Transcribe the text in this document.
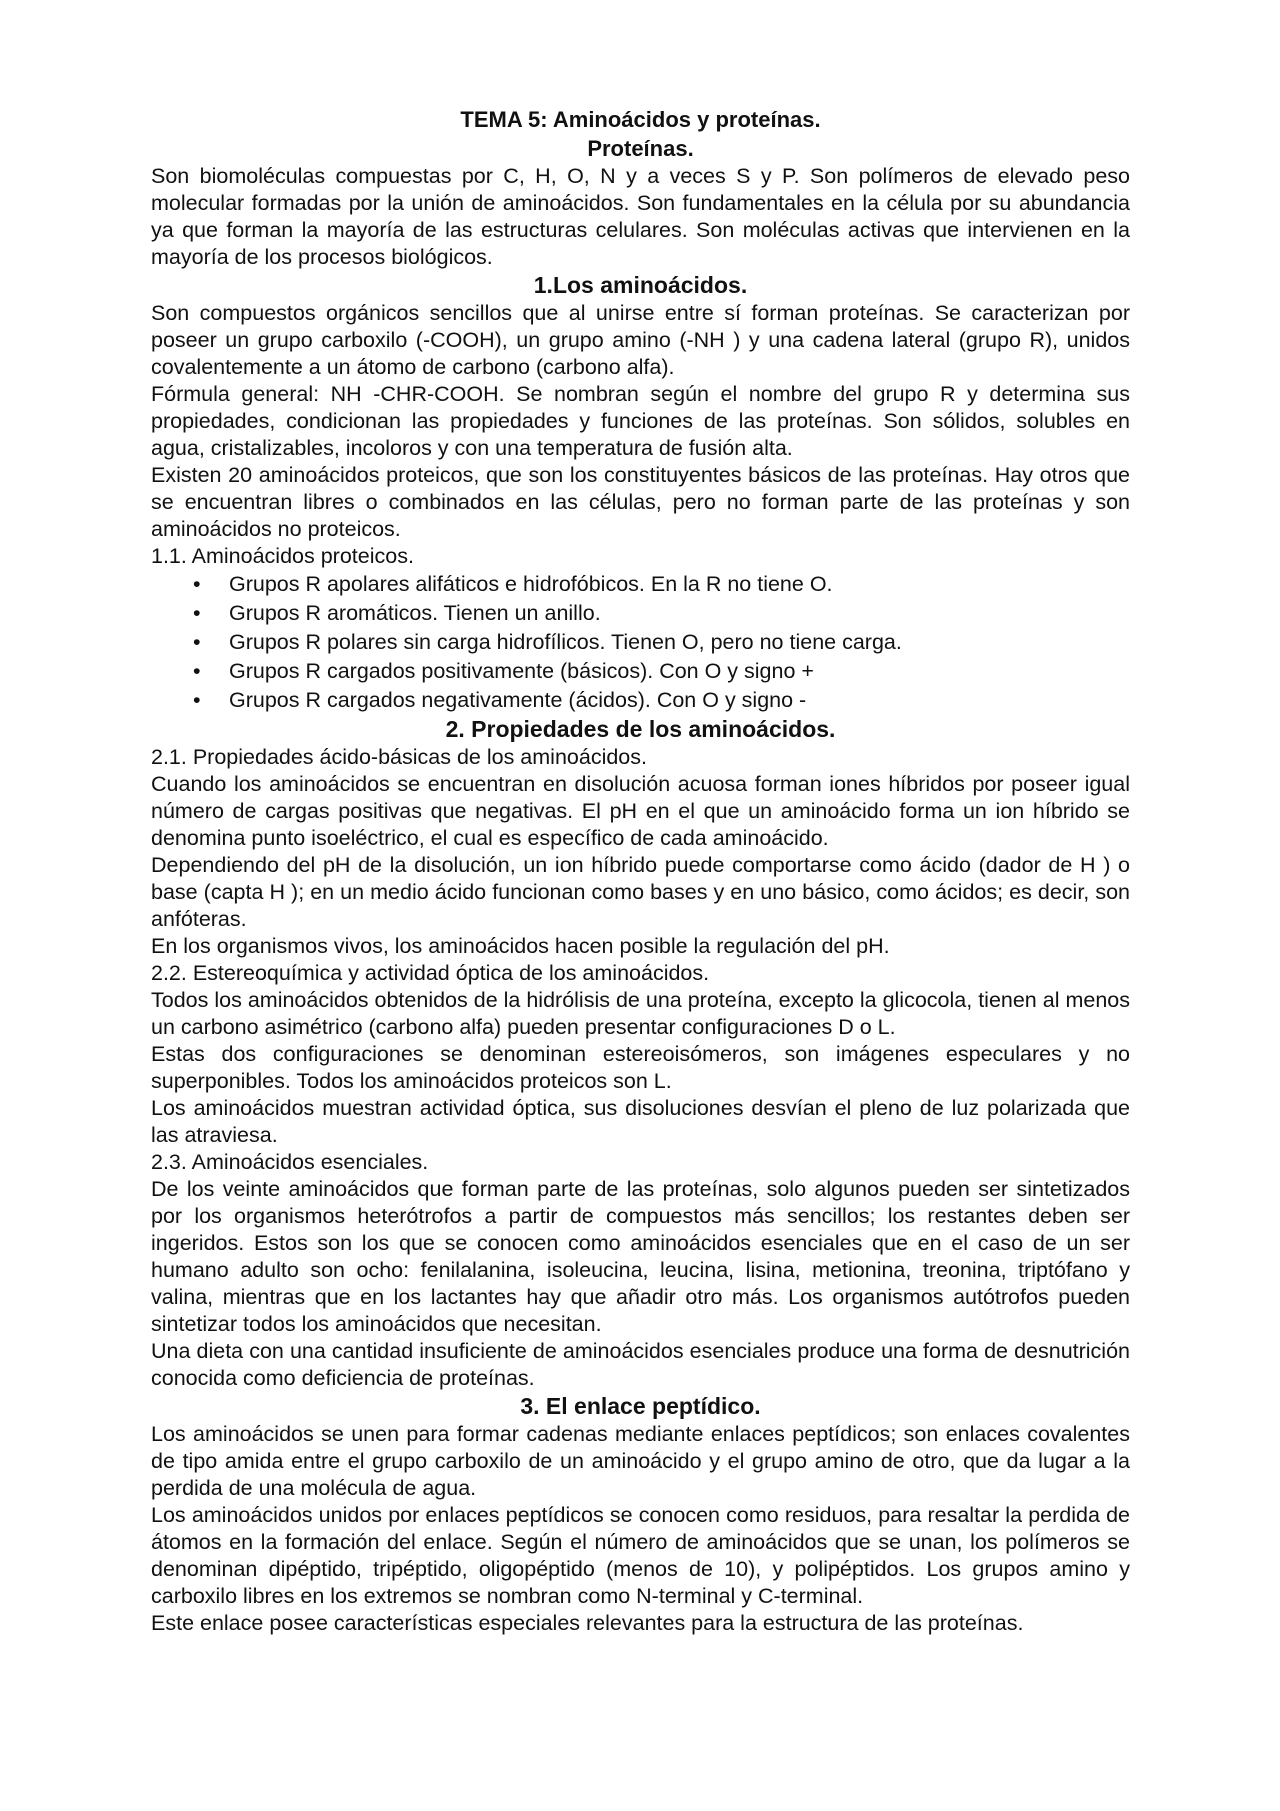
TEMA 5: Aminoácidos y proteínas.
Proteínas.

Son biomoléculas compuestas por C, H, O, N y a veces S y P. Son polímeros de elevado peso molecular formadas por la unión de aminoácidos. Son fundamentales en la célula por su abundancia ya que forman la mayoría de las estructuras celulares. Son moléculas activas que intervienen en la mayoría de los procesos biológicos.

1.Los aminoácidos.

Son compuestos orgánicos sencillos que al unirse entre sí forman proteínas. Se caracterizan por poseer un grupo carboxilo (-COOH), un grupo amino (-NH ) y una cadena lateral (grupo R), unidos covalentemente a un átomo de carbono (carbono alfa).

Fórmula general: NH -CHR-COOH. Se nombran según el nombre del grupo R y determina sus propiedades, condicionan las propiedades y funciones de las proteínas. Son sólidos, solubles en agua, cristalizables, incoloros y con una temperatura de fusión alta.

Existen 20 aminoácidos proteicos, que son los constituyentes básicos de las proteínas. Hay otros que se encuentran libres o combinados en las células, pero no forman parte de las proteínas y son aminoácidos no proteicos.

1.1. Aminoácidos proteicos.

• Grupos R apolares alifáticos e hidrofóbicos. En la R no tiene O.
• Grupos R aromáticos. Tienen un anillo.
• Grupos R polares sin carga hidrofílicos. Tienen O, pero no tiene carga.
• Grupos R cargados positivamente (básicos). Con O y signo +
• Grupos R cargados negativamente (ácidos). Con O y signo -
2. Propiedades de los aminoácidos.

2.1. Propiedades ácido-básicas de los aminoácidos.

Cuando los aminoácidos se encuentran en disolución acuosa forman iones híbridos por poseer igual número de cargas positivas que negativas. El pH en el que un aminoácido forma un ion híbrido se denomina punto isoeléctrico, el cual es específico de cada aminoácido.

Dependiendo del pH de la disolución, un ion híbrido puede comportarse como ácido (dador de H ) o base (capta H ); en un medio ácido funcionan como bases y en uno básico, como ácidos; es decir, son anfóteras.

En los organismos vivos, los aminoácidos hacen posible la regulación del pH.

2.2. Estereoquímica y actividad óptica de los aminoácidos.

Todos los aminoácidos obtenidos de la hidrólisis de una proteína, excepto la glicocola, tienen al menos un carbono asimétrico (carbono alfa) pueden presentar configuraciones D o L.

Estas dos configuraciones se denominan estereoisómeros, son imágenes especulares y no superponibles. Todos los aminoácidos proteicos son L.

Los aminoácidos muestran actividad óptica, sus disoluciones desvían el pleno de luz polarizada que las atraviesa.

2.3. Aminoácidos esenciales.

De los veinte aminoácidos que forman parte de las proteínas, solo algunos pueden ser sintetizados por los organismos heterótrofos a partir de compuestos más sencillos; los restantes deben ser ingeridos. Estos son los que se conocen como aminoácidos esenciales que en el caso de un ser humano adulto son ocho: fenilalanina, isoleucina, leucina, lisina, metionina, treonina, triptófano y valina, mientras que en los lactantes hay que añadir otro más. Los organismos autótrofos pueden sintetizar todos los aminoácidos que necesitan.

Una dieta con una cantidad insuficiente de aminoácidos esenciales produce una forma de desnutrición conocida como deficiencia de proteínas.

3. El enlace peptídico.

Los aminoácidos se unen para formar cadenas mediante enlaces peptídicos; son enlaces covalentes de tipo amida entre el grupo carboxilo de un aminoácido y el grupo amino de otro, que da lugar a la perdida de una molécula de agua.

Los aminoácidos unidos por enlaces peptídicos se conocen como residuos, para resaltar la perdida de átomos en la formación del enlace. Según el número de aminoácidos que se unan, los polímeros se denominan dipéptido, tripéptido, oligopéptido (menos de 10), y polipéptidos. Los grupos amino y carboxilo libres en los extremos se nombran como N-terminal y C-terminal.

Este enlace posee características especiales relevantes para la estructura de las proteínas.
